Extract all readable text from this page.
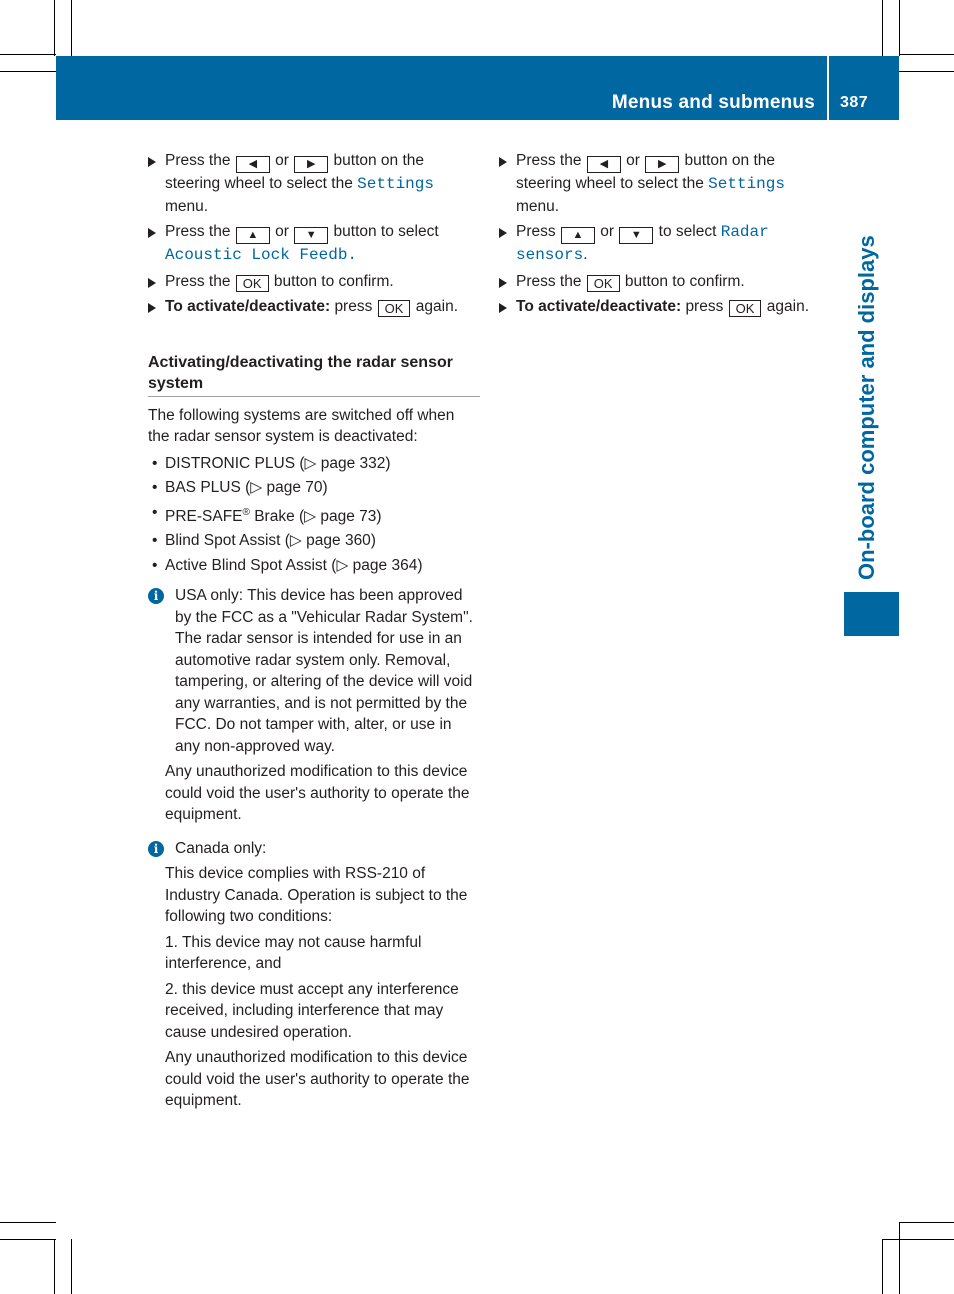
Menus and submenus 387
On-board computer and displays
Press the ◀ or ▶ button on the steering wheel to select the Settings menu.
Press the ▲ or ▼ button to select Acoustic Lock Feedb.
Press the OK button to confirm.
To activate/deactivate: press OK again.
Activating/deactivating the radar sensor system
The following systems are switched off when the radar sensor system is deactivated:
• DISTRONIC PLUS (▷ page 332)
• BAS PLUS (▷ page 70)
• PRE-SAFE® Brake (▷ page 73)
• Blind Spot Assist (▷ page 360)
• Active Blind Spot Assist (▷ page 364)
i	USA only: This device has been approved by the FCC as a "Vehicular Radar System". The radar sensor is intended for use in an automotive radar system only. Removal, tampering, or altering of the device will void any warranties, and is not permitted by the FCC. Do not tamper with, alter, or use in any non-approved way.
Any unauthorized modification to this device could void the user's authority to operate the equipment.
i	Canada only:
This device complies with RSS-210 of Industry Canada. Operation is subject to the following two conditions:
1. This device may not cause harmful interference, and
2. this device must accept any interference received, including interference that may cause undesired operation.
Any unauthorized modification to this device could void the user's authority to operate the equipment.
Press the ◀ or ▶ button on the steering wheel to select the Settings menu.
Press ▲ or ▼ to select Radar sensors.
Press the OK button to confirm.
To activate/deactivate: press OK again.
